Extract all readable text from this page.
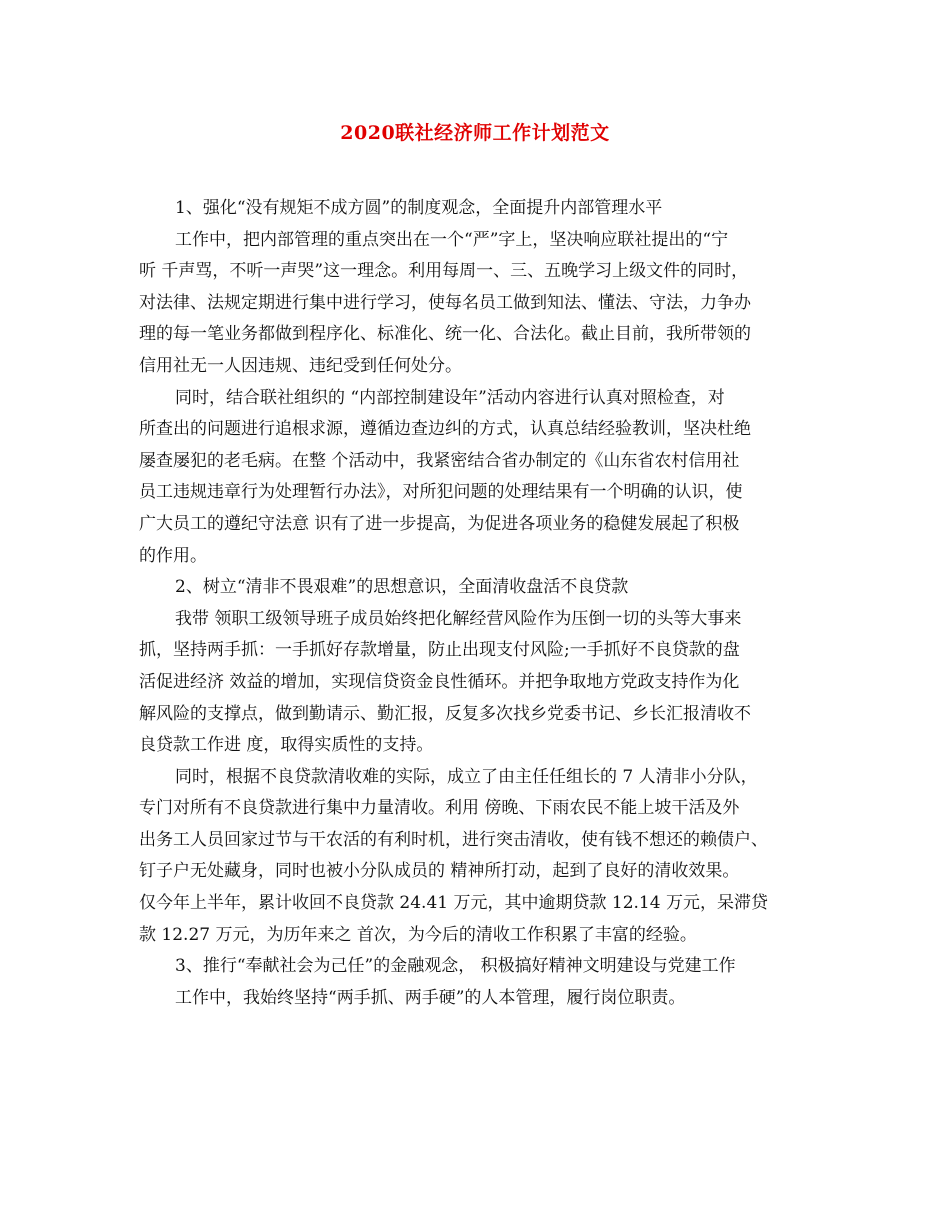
2020联社经济师工作计划范文
1、强化“没有规矩不成方圆”的制度观念，全面提升内部管理水平
工作中，把内部管理的重点突出在一个“严”字上，坚决响应联社提出的“宁
听 千声骂，不听一声哭”这一理念。利用每周一、三、五晚学习上级文件的同时，
对法律、法规定期进行集中进行学习，使每名员工做到知法、懂法、守法，力争办
理的每一笔业务都做到程序化、标准化、统一化、合法化。截止目前，我所带领的
信用社无一人因违规、违纪受到任何处分。
同时，结合联社组织的 “内部控制建设年”活动内容进行认真对照检查，对
所查出的问题进行追根求源，遵循边查边纠的方式，认真总结经验教训，坚决杜绝
屡查屡犯的老毛病。在整 个活动中，我紧密结合省办制定的《山东省农村信用社
员工违规违章行为处理暂行办法》，对所犯问题的处理结果有一个明确的认识，使
广大员工的遵纪守法意 识有了进一步提高，为促进各项业务的稳健发展起了积极
的作用。
2、树立“清非不畏艰难”的思想意识，全面清收盘活不良贷款
我带 领职工级领导班子成员始终把化解经营风险作为压倒一切的头等大事来
抓，坚持两手抓：一手抓好存款增量，防止出现支付风险;一手抓好不良贷款的盘
活促进经济 效益的增加，实现信贷资金良性循环。并把争取地方党政支持作为化
解风险的支撑点，做到勤请示、勤汇报，反复多次找乡党委书记、乡长汇报清收不
良贷款工作进 度，取得实质性的支持。
同时，根据不良贷款清收难的实际，成立了由主任任组长的 7 人清非小分队，
专门对所有不良贷款进行集中力量清收。利用 傍晚、下雨农民不能上坡干活及外
出务工人员回家过节与干农活的有利时机，进行突击清收，使有钱不想还的赖债户、
钉子户无处藏身，同时也被小分队成员的 精神所打动，起到了良好的清收效果。
仅今年上半年，累计收回不良贷款 24.41 万元，其中逾期贷款 12.14 万元，呆滞贷
款 12.27 万元，为历年来之 首次，为今后的清收工作积累了丰富的经验。
3、推行“奉献社会为己任”的金融观念， 积极搞好精神文明建设与党建工作
工作中，我始终坚持“两手抓、两手硬”的人本管理，履行岗位职责。
